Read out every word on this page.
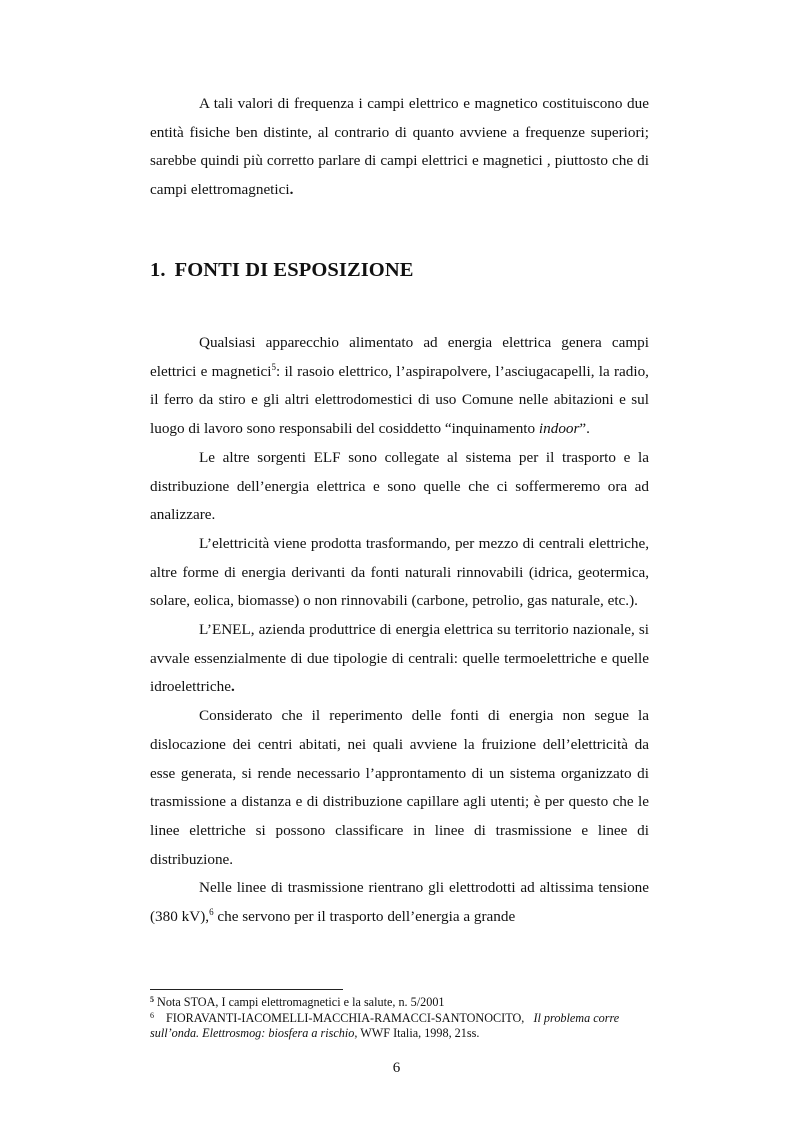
A tali valori di frequenza i campi elettrico e magnetico costituiscono due entità fisiche ben distinte, al contrario di quanto avviene a frequenze superiori; sarebbe quindi più corretto parlare di campi elettrici e magnetici , piuttosto che di campi elettromagnetici.

1. FONTI DI ESPOSIZIONE

Qualsiasi apparecchio alimentato ad energia elettrica genera campi elettrici e magnetici$^5$: il rasoio elettrico, l’aspirapolvere, l’asciugacapelli, la radio, il ferro da stiro e gli altri elettrodomestici di uso Comune nelle abitazioni e sul luogo di lavoro sono responsabili del cosiddetto “inquinamento indoor”.

Le altre sorgenti ELF sono collegate al sistema per il trasporto e la distribuzione dell’energia elettrica e sono quelle che ci soffermeremo ora ad analizzare.

L’elettricità viene prodotta trasformando, per mezzo di centrali elettriche, altre forme di energia derivanti da fonti naturali rinnovabili (idrica, geotermica, solare, eolica, biomasse) o non rinnovabili (carbone, petrolio, gas naturale, etc.).

L’ENEL, azienda produttrice di energia elettrica su territorio nazionale, si avvale essenzialmente di due tipologie di centrali: quelle termoelettriche e quelle idroelettriche.

Considerato che il reperimento delle fonti di energia non segue la dislocazione dei centri abitati, nei quali avviene la fruizione dell’elettricità da esse generata, si rende necessario l’approntamento di un sistema organizzato di trasmissione a distanza e di distribuzione capillare agli utenti; è per questo che le linee elettriche si possono classificare in linee di trasmissione e linee di distribuzione.

Nelle linee di trasmissione rientrano gli elettrodotti ad altissima tensione (380 kV),$^6$ che servono per il trasporto dell’energia a grande

$^5$ Nota STOA, I campi elettromagnetici e la salute, n. 5/2001

$^6$ FIORAVANTI-IACOMELLI-MACCHIA-RAMACCI-SANTONOCITO, Il problema corre sull’onda. Elettrosmog: biosfera a rischio, WWF Italia, 1998, 21ss.

6
